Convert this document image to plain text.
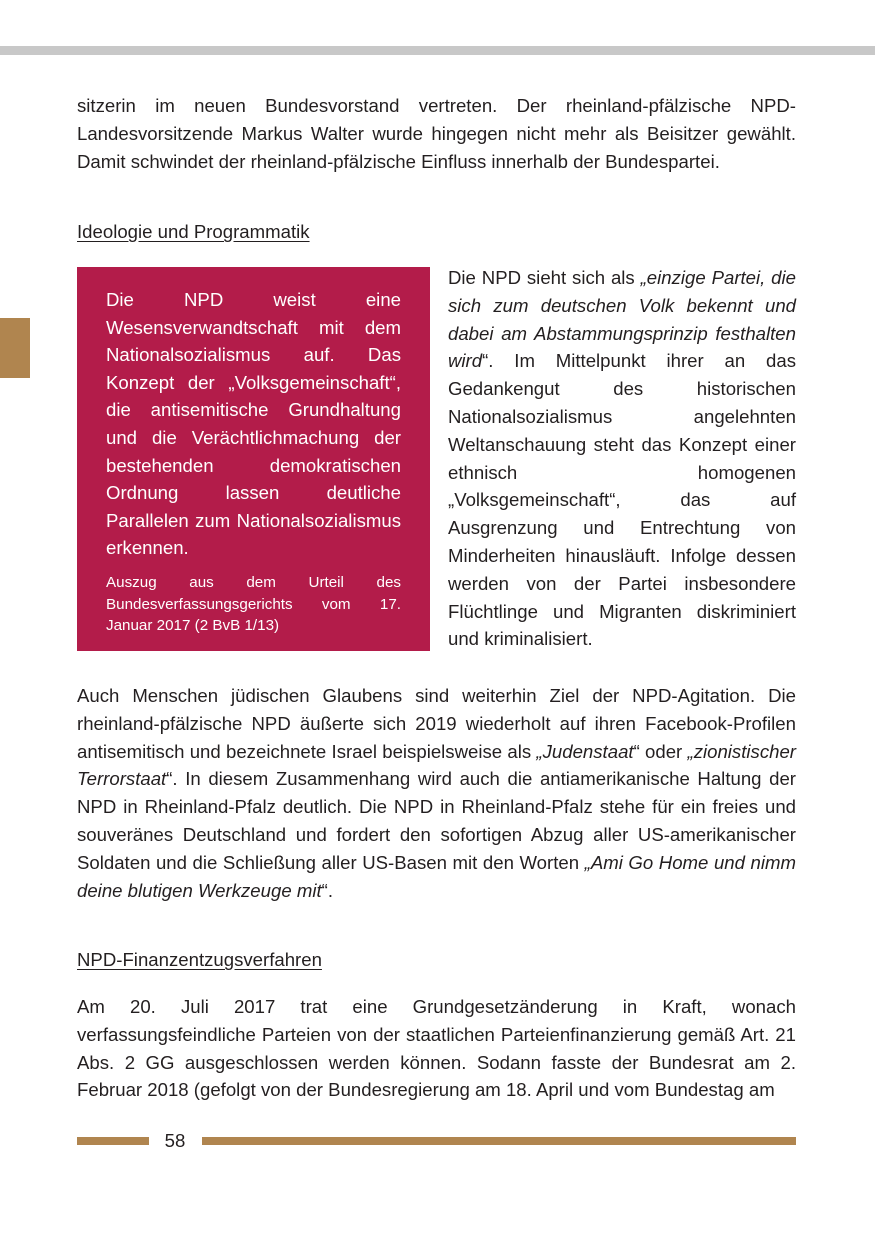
sitzerin im neuen Bundesvorstand vertreten. Der rheinland-pfälzische NPD-Landesvorsitzende Markus Walter wurde hingegen nicht mehr als Beisitzer gewählt. Damit schwindet der rheinland-pfälzische Einfluss innerhalb der Bundespartei.

Ideologie und Programmatik

Die NPD weist eine Wesensverwandtschaft mit dem Nationalsozialismus auf. Das Konzept der „Volksgemeinschaft“, die antisemitische Grundhaltung und die Verächtlichmachung der bestehenden demokratischen Ordnung lassen deutliche Parallelen zum Nationalsozialismus erkennen.

Auszug aus dem Urteil des Bundesverfassungsgerichts vom 17. Januar 2017 (2 BvB 1/13)

Die NPD sieht sich als „einzige Partei, die sich zum deutschen Volk bekennt und dabei am Abstammungsprinzip festhalten wird“. Im Mittelpunkt ihrer an das Gedankengut des historischen Nationalsozialismus angelehnten Weltanschauung steht das Konzept einer ethnisch homogenen „Volksgemeinschaft“, das auf Ausgrenzung und Entrechtung von Minderheiten hinausläuft. Infolge dessen werden von der Partei insbesondere Flüchtlinge und Migranten diskriminiert und kriminalisiert.

Auch Menschen jüdischen Glaubens sind weiterhin Ziel der NPD-Agitation. Die rheinland-pfälzische NPD äußerte sich 2019 wiederholt auf ihren Facebook-Profilen antisemitisch und bezeichnete Israel beispielsweise als „Judenstaat“ oder „zionistischer Terrorstaat“. In diesem Zusammenhang wird auch die antiamerikanische Haltung der NPD in Rheinland-Pfalz deutlich. Die NPD in Rheinland-Pfalz stehe für ein freies und souveränes Deutschland und fordert den sofortigen Abzug aller US-amerikanischer Soldaten und die Schließung aller US-Basen mit den Worten „Ami Go Home und nimm deine blutigen Werkzeuge mit“.

NPD-Finanzentzugsverfahren

Am 20. Juli 2017 trat eine Grundgesetzänderung in Kraft, wonach verfassungsfeindliche Parteien von der staatlichen Parteienfinanzierung gemäß Art. 21 Abs. 2 GG ausgeschlossen werden können. Sodann fasste der Bundesrat am 2. Februar 2018 (gefolgt von der Bundesregierung am 18. April und vom Bundestag am

58
